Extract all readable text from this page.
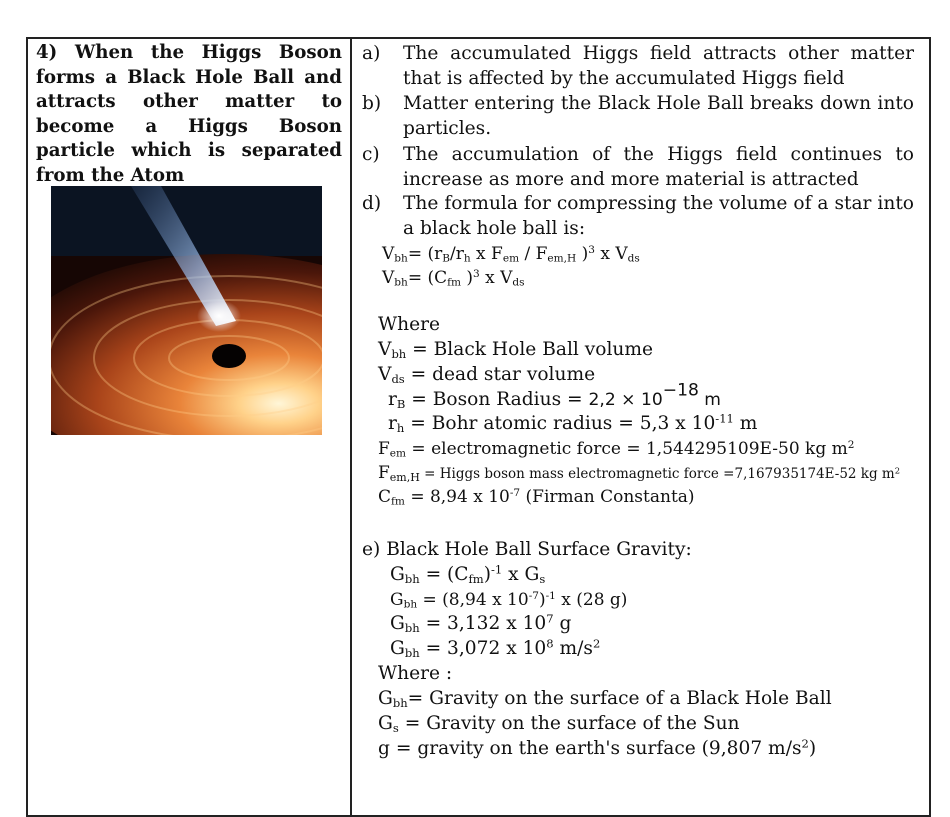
4) When the Higgs Boson forms a Black Hole Ball and attracts other matter to become a Higgs Boson particle which is separated from the Atom

a) The accumulated Higgs field attracts other matter that is affected by the accumulated Higgs field
b) Matter entering the Black Hole Ball breaks down into particles.
c) The accumulation of the Higgs field continues to increase as more and more material is attracted
d) The formula for compressing the volume of a star into a black hole ball is:
$V_{bh}= (r_B/r_h$ x $F_{em} / F_{em,H}$ )$^3$ x $V_{ds}$
$V_{bh}= (C_{fm}$ )$^3$ x $V_{ds}$
Where
$V_{bh}$ = Black Hole Ball volume
$V_{ds}$ = dead star volume
$r_B$ = Boson Radius = $2,2 \times 10^{-18}$ m
$r_h$ = Bohr atomic radius = 5,3 x $10^{-11}$ m
$F_{em}$ = electromagnetic force = 1,544295109E-50 kg $m^2$
$F_{em,H}$ = Higgs boson mass electromagnetic force =7,167935174E-52 kg $m^2$
$C_{fm} = 8,94$ x $10^{-7}$ (Firman Constanta)
e) Black Hole Ball Surface Gravity:
$G_{bh} = (C_{fm})^{-1}$ x $G_s$
$G_{bh} = (8,94$ x $10^{-7})^{-1}$ x (28 g)
$G_{bh} = 3,132$ x $10^7$ g
$G_{bh} = 3,072$ x $10^8$ $m/s^2$
Where :
$G_{bh}=$ Gravity on the surface of a Black Hole Ball
$G_s$ = Gravity on the surface of the Sun
g = gravity on the earth's surface (9,807 $m/s^2$)
